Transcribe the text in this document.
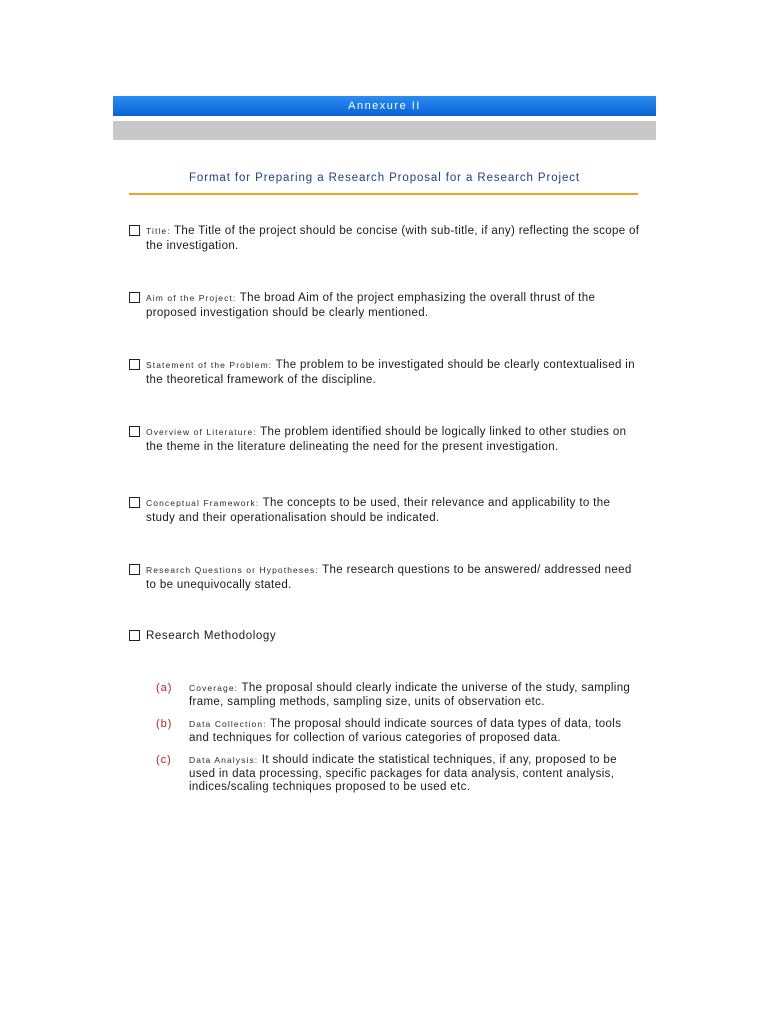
Annexure II
Format for Preparing a Research Proposal for a Research Project
Title: The Title of the project should be concise (with sub-title, if any) reflecting the scope of the investigation.
Aim of the Project: The broad Aim of the project emphasizing the overall thrust of the proposed investigation should be clearly mentioned.
Statement of the Problem: The problem to be investigated should be clearly contextualised in the theoretical framework of the discipline.
Overview of Literature: The problem identified should be logically linked to other studies on the theme in the literature delineating the need for the present investigation.
Conceptual Framework: The concepts to be used, their relevance and applicability to the study and their operationalisation should be indicated.
Research Questions or Hypotheses: The research questions to be answered/ addressed need to be unequivocally stated.
Research Methodology
(a) Coverage: The proposal should clearly indicate the universe of the study, sampling frame, sampling methods, sampling size, units of observation etc.
(b) Data Collection: The proposal should indicate sources of data types of data, tools and techniques for collection of various categories of proposed data.
(c) Data Analysis: It should indicate the statistical techniques, if any, proposed to be used in data processing, specific packages for data analysis, content analysis, indices/scaling techniques proposed to be used etc.
